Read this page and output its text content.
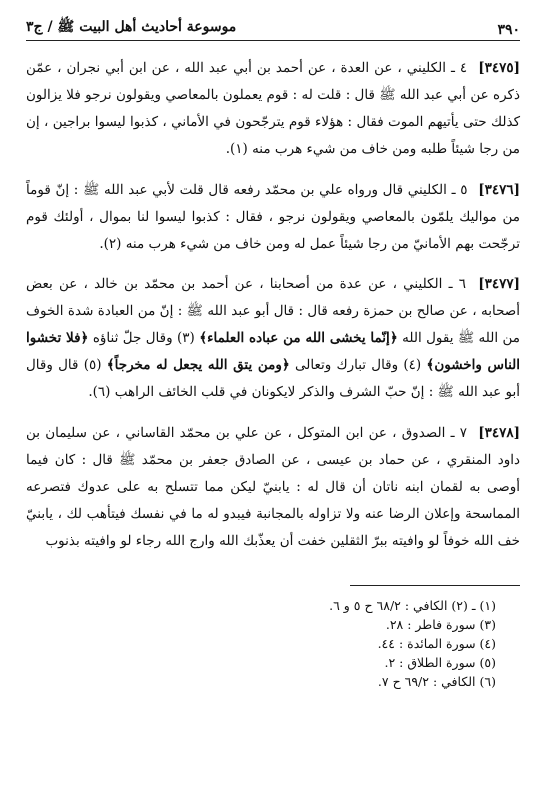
٣٩٠
موسوعة أحاديث أهل البيت ﷺ / ج٣

[٣٤٧٥] ٤ ـ الكليني ، عن العدة ، عن أحمد بن أبي عبد الله ، عن ابن أبي نجران ، عمّن ذكره عن أبي عبد الله ﷺ قال : قلت له : قوم يعملون بالمعاصي ويقولون نرجو فلا يزالون كذلك حتى يأتيهم الموت فقال : هؤلاء قوم يترجّحون في الأماني ، كذبوا ليسوا براجين ، إن من رجا شيئاً طلبه ومن خاف من شيء هرب منه (١).

[٣٤٧٦] ٥ ـ الكليني قال ورواه علي بن محمّد رفعه قال قلت لأبي عبد الله ﷺ : إنّ قوماً من مواليك يلمّون بالمعاصي ويقولون نرجو ، فقال : كذبوا ليسوا لنا بموال ، أولئك قوم ترجّحت بهم الأمانيّ من رجا شيئاً عمل له ومن خاف من شيء هرب منه (٢).

[٣٤٧٧] ٦ ـ الكليني ، عن عدة من أصحابنا ، عن أحمد بن محمّد بن خالد ، عن بعض أصحابه ، عن صالح بن حمزة رفعه قال : قال أبو عبد الله ﷺ : إنّ من العبادة شدة الخوف من الله ﷺ يقول الله ﴿إنّما يخشى الله من عباده العلماء﴾ (٣) وقال جلّ ثناؤه ﴿فلا تخشوا الناس واخشون﴾ (٤) وقال تبارك وتعالى ﴿ومن يتق الله يجعل له مخرجاً﴾ (٥) قال وقال أبو عبد الله ﷺ : إنّ حبّ الشرف والذكر لايكونان في قلب الخائف الراهب (٦).

[٣٤٧٨] ٧ ـ الصدوق ، عن ابن المتوكل ، عن علي بن محمّد القاساني ، عن سليمان بن داود المنقري ، عن حماد بن عيسى ، عن الصادق جعفر بن محمّد ﷺ قال : كان فيما أوصى به لقمان ابنه ناتان أن قال له : يابنيّ ليكن مما تتسلح به على عدوك فتصرعه المماسحة وإعلان الرضا عنه ولا تزاوله بالمجانبة فيبدو له ما في نفسك فيتأهب لك ، يابنيّ خف الله خوفاً لو وافيته ببرّ الثقلين خفت أن يعذّبك الله وارج الله رجاء لو وافيته بذنوب

(١) ـ (٢) الكافي : ٦٨/٢ ح ٥ و ٦.
(٣) سورة فاطر : ٢٨.
(٤) سورة المائدة : ٤٤.
(٥) سورة الطلاق : ٢.
(٦) الكافي : ٦٩/٢ ح ٧.
